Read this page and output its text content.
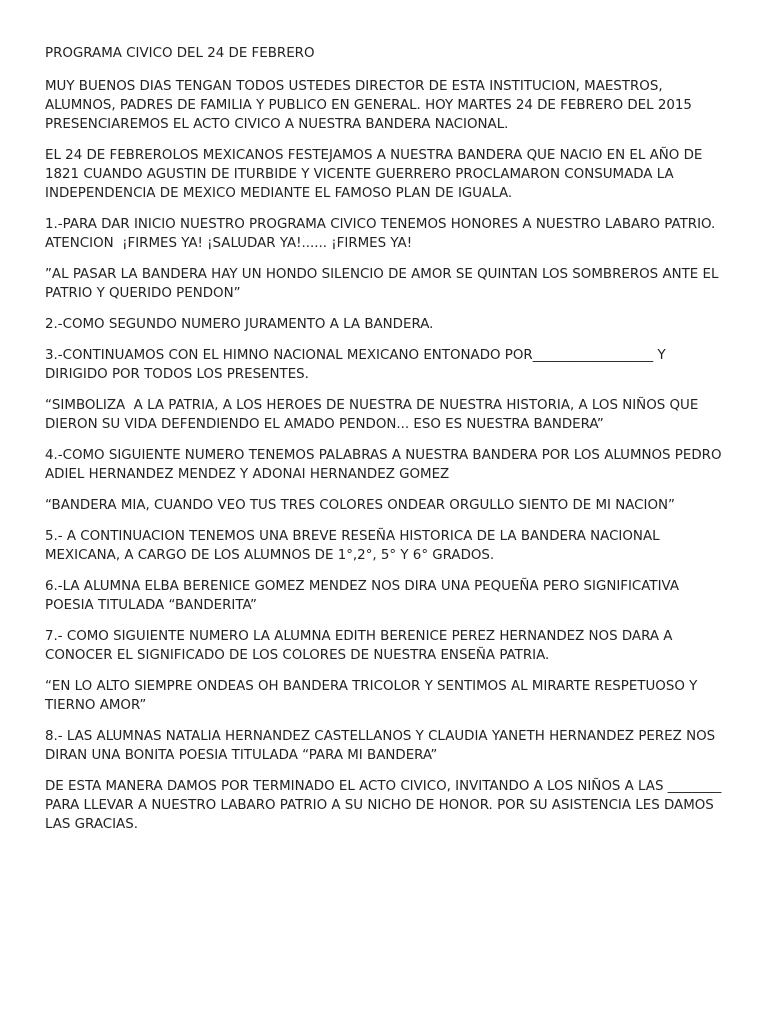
PROGRAMA CIVICO DEL 24 DE FEBRERO

MUY BUENOS DIAS TENGAN TODOS USTEDES DIRECTOR DE ESTA INSTITUCION, MAESTROS, ALUMNOS, PADRES DE FAMILIA Y PUBLICO EN GENERAL. HOY MARTES 24 DE FEBRERO DEL 2015 PRESENCIAREMOS EL ACTO CIVICO A NUESTRA BANDERA NACIONAL.

EL 24 DE FEBREROLOS MEXICANOS FESTEJAMOS A NUESTRA BANDERA QUE NACIO EN EL AÑO DE 1821 CUANDO AGUSTIN DE ITURBIDE Y VICENTE GUERRERO PROCLAMARON CONSUMADA LA INDEPENDENCIA DE MEXICO MEDIANTE EL FAMOSO PLAN DE IGUALA.

1.-PARA DAR INICIO NUESTRO PROGRAMA CIVICO TENEMOS HONORES A NUESTRO LABARO PATRIO. ATENCION  ¡FIRMES YA! ¡SALUDAR YA!...... ¡FIRMES YA!

”AL PASAR LA BANDERA HAY UN HONDO SILENCIO DE AMOR SE QUINTAN LOS SOMBREROS ANTE EL PATRIO Y QUERIDO PENDON”

2.-COMO SEGUNDO NUMERO JURAMENTO A LA BANDERA.

3.-CONTINUAMOS CON EL HIMNO NACIONAL MEXICANO ENTONADO POR__________________ Y DIRIGIDO POR TODOS LOS PRESENTES.

“SIMBOLIZA  A LA PATRIA, A LOS HEROES DE NUESTRA DE NUESTRA HISTORIA, A LOS NIÑOS QUE DIERON SU VIDA DEFENDIENDO EL AMADO PENDON... ESO ES NUESTRA BANDERA”

4.-COMO SIGUIENTE NUMERO TENEMOS PALABRAS A NUESTRA BANDERA POR LOS ALUMNOS PEDRO ADIEL HERNANDEZ MENDEZ Y ADONAI HERNANDEZ GOMEZ

“BANDERA MIA, CUANDO VEO TUS TRES COLORES ONDEAR ORGULLO SIENTO DE MI NACION”

5.- A CONTINUACION TENEMOS UNA BREVE RESEÑA HISTORICA DE LA BANDERA NACIONAL MEXICANA, A CARGO DE LOS ALUMNOS DE 1°,2°, 5° Y 6° GRADOS.

6.-LA ALUMNA ELBA BERENICE GOMEZ MENDEZ NOS DIRA UNA PEQUEÑA PERO SIGNIFICATIVA POESIA TITULADA “BANDERITA”

7.- COMO SIGUIENTE NUMERO LA ALUMNA EDITH BERENICE PEREZ HERNANDEZ NOS DARA A CONOCER EL SIGNIFICADO DE LOS COLORES DE NUESTRA ENSEÑA PATRIA.

“EN LO ALTO SIEMPRE ONDEAS OH BANDERA TRICOLOR Y SENTIMOS AL MIRARTE RESPETUOSO Y TIERNO AMOR”

8.- LAS ALUMNAS NATALIA HERNANDEZ CASTELLANOS Y CLAUDIA YANETH HERNANDEZ PEREZ NOS DIRAN UNA BONITA POESIA TITULADA “PARA MI BANDERA”

DE ESTA MANERA DAMOS POR TERMINADO EL ACTO CIVICO, INVITANDO A LOS NIÑOS A LAS ________ PARA LLEVAR A NUESTRO LABARO PATRIO A SU NICHO DE HONOR. POR SU ASISTENCIA LES DAMOS LAS GRACIAS.
